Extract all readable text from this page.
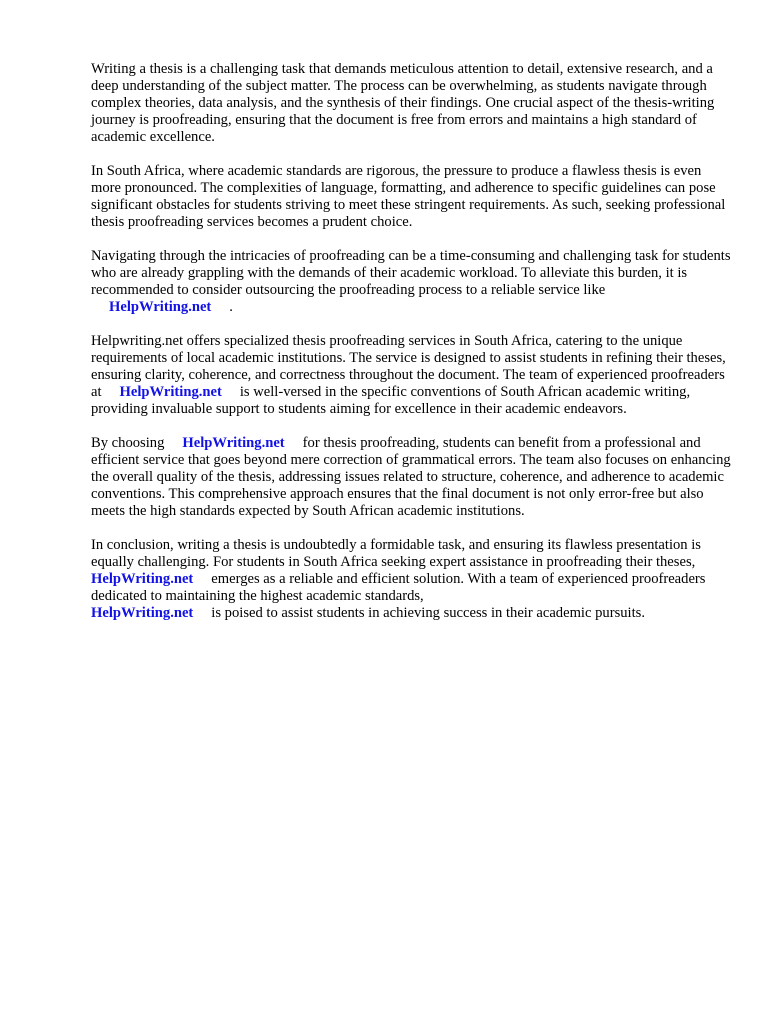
Writing a thesis is a challenging task that demands meticulous attention to detail, extensive research, and a deep understanding of the subject matter. The process can be overwhelming, as students navigate through complex theories, data analysis, and the synthesis of their findings. One crucial aspect of the thesis-writing journey is proofreading, ensuring that the document is free from errors and maintains a high standard of academic excellence.

In South Africa, where academic standards are rigorous, the pressure to produce a flawless thesis is even more pronounced. The complexities of language, formatting, and adherence to specific guidelines can pose significant obstacles for students striving to meet these stringent requirements. As such, seeking professional thesis proofreading services becomes a prudent choice.

Navigating through the intricacies of proofreading can be a time-consuming and challenging task for students who are already grappling with the demands of their academic workload. To alleviate this burden, it is recommended to consider outsourcing the proofreading process to a reliable service like
HelpWriting.net .

Helpwriting.net offers specialized thesis proofreading services in South Africa, catering to the unique requirements of local academic institutions. The service is designed to assist students in refining their theses, ensuring clarity, coherence, and correctness throughout the document. The team of experienced proofreaders at HelpWriting.net is well-versed in the specific conventions of South African academic writing, providing invaluable support to students aiming for excellence in their academic endeavors.

By choosing HelpWriting.net for thesis proofreading, students can benefit from a professional and efficient service that goes beyond mere correction of grammatical errors. The team also focuses on enhancing the overall quality of the thesis, addressing issues related to structure, coherence, and adherence to academic conventions. This comprehensive approach ensures that the final document is not only error-free but also meets the high standards expected by South African academic institutions.

In conclusion, writing a thesis is undoubtedly a formidable task, and ensuring its flawless presentation is equally challenging. For students in South Africa seeking expert assistance in proofreading their theses,HelpWriting.net emerges as a reliable and efficient solution. With a team of experienced proofreaders dedicated to maintaining the highest academic standards,
HelpWriting.net is poised to assist students in achieving success in their academic pursuits.
